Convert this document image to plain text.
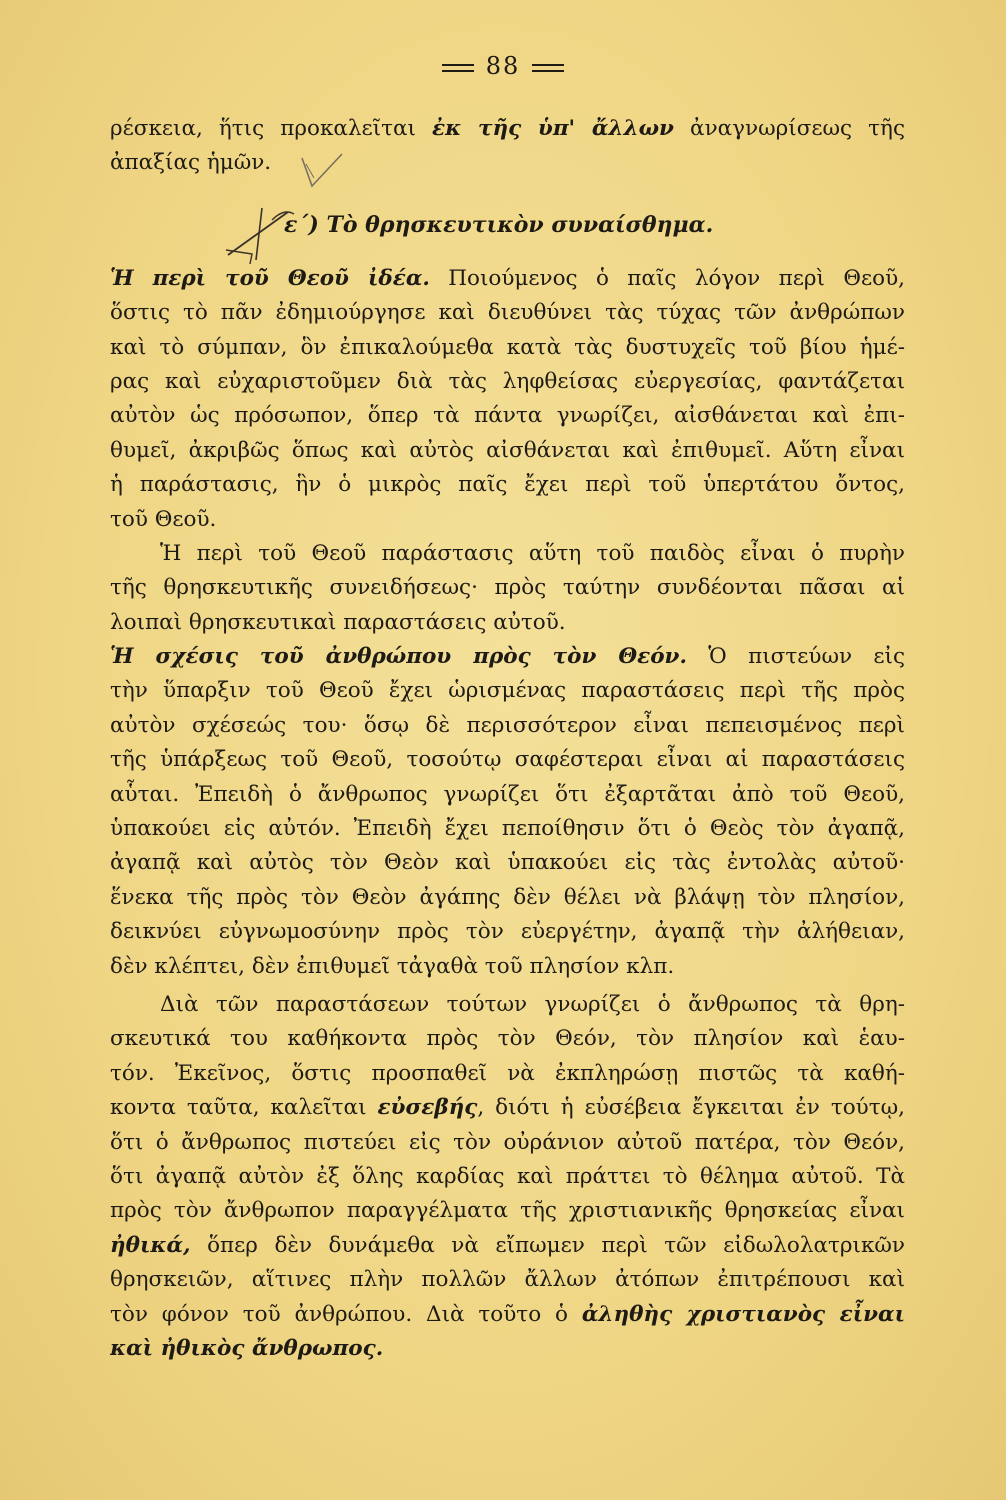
88
ε΄) Τὸ θρησκευτικὸν συναίσθημα.
ρέσκεια, ἥτις προκαλεῖται ἐκ τῆς ὑπ' ἄλλων ἀναγνωρίσεως τῆς
ἀπαξίας ἡμῶν.
Ἡ περὶ τοῦ Θεοῦ ἰδέα. Ποιούμενος ὁ παῖς λόγον περὶ Θεοῦ,
ὅστις τὸ πᾶν ἐδημιούργησε καὶ διευθύνει τὰς τύχας τῶν ἀνθρώπων
καὶ τὸ σύμπαν, ὃν ἐπικαλούμεθα κατὰ τὰς δυστυχεῖς τοῦ βίου ἡμέ-
ρας καὶ εὐχαριστοῦμεν διὰ τὰς ληφθείσας εὐεργεσίας, φαντάζεται
αὐτὸν ὡς πρόσωπον, ὅπερ τὰ πάντα γνωρίζει, αἰσθάνεται καὶ ἐπι-
θυμεῖ, ἀκριβῶς ὅπως καὶ αὐτὸς αἰσθάνεται καὶ ἐπιθυμεῖ. Αὕτη εἶναι
ἡ παράστασις, ἣν ὁ μικρὸς παῖς ἔχει περὶ τοῦ ὑπερτάτου ὄντος,
τοῦ Θεοῦ.
Ἡ περὶ τοῦ Θεοῦ παράστασις αὕτη τοῦ παιδὸς εἶναι ὁ πυρὴν
τῆς θρησκευτικῆς συνειδήσεως· πρὸς ταύτην συνδέονται πᾶσαι αἱ
λοιπαὶ θρησκευτικαὶ παραστάσεις αὐτοῦ.
Ἡ σχέσις τοῦ ἀνθρώπου πρὸς τὸν Θεόν. Ὁ πιστεύων εἰς
τὴν ὕπαρξιν τοῦ Θεοῦ ἔχει ὡρισμένας παραστάσεις περὶ τῆς πρὸς
αὐτὸν σχέσεώς του· ὅσῳ δὲ περισσότερον εἶναι πεπεισμένος περὶ
τῆς ὑπάρξεως τοῦ Θεοῦ, τοσούτῳ σαφέστεραι εἶναι αἱ παραστάσεις
αὗται. Ἐπειδὴ ὁ ἄνθρωπος γνωρίζει ὅτι ἐξαρτᾶται ἀπὸ τοῦ Θεοῦ,
ὑπακούει εἰς αὐτόν. Ἐπειδὴ ἔχει πεποίθησιν ὅτι ὁ Θεὸς τὸν ἀγαπᾷ,
ἀγαπᾷ καὶ αὐτὸς τὸν Θεὸν καὶ ὑπακούει εἰς τὰς ἐντολὰς αὐτοῦ·
ἕνεκα τῆς πρὸς τὸν Θεὸν ἀγάπης δὲν θέλει νὰ βλάψῃ τὸν πλησίον,
δεικνύει εὐγνωμοσύνην πρὸς τὸν εὐεργέτην, ἀγαπᾷ τὴν ἀλήθειαν,
δὲν κλέπτει, δὲν ἐπιθυμεῖ τἀγαθὰ τοῦ πλησίον κλπ.
Διὰ τῶν παραστάσεων τούτων γνωρίζει ὁ ἄνθρωπος τὰ θρη-
σκευτικά του καθήκοντα πρὸς τὸν Θεόν, τὸν πλησίον καὶ ἑαυ-
τόν. Ἐκεῖνος, ὅστις προσπαθεῖ νὰ ἐκπληρώσῃ πιστῶς τὰ καθή-
κοντα ταῦτα, καλεῖται εὐσεβής, διότι ἡ εὐσέβεια ἔγκειται ἐν τούτῳ,
ὅτι ὁ ἄνθρωπος πιστεύει εἰς τὸν οὐράνιον αὐτοῦ πατέρα, τὸν Θεόν,
ὅτι ἀγαπᾷ αὐτὸν ἐξ ὅλης καρδίας καὶ πράττει τὸ θέλημα αὐτοῦ. Τὰ
πρὸς τὸν ἄνθρωπον παραγγέλματα τῆς χριστιανικῆς θρησκείας εἶναι
ἠθικά, ὅπερ δὲν δυνάμεθα νὰ εἴπωμεν περὶ τῶν εἰδωλολατρικῶν
θρησκειῶν, αἵτινες πλὴν πολλῶν ἄλλων ἀτόπων ἐπιτρέπουσι καὶ
τὸν φόνον τοῦ ἀνθρώπου. Διὰ τοῦτο ὁ ἀληθὴς χριστιανὸς εἶναι
καὶ ἠθικὸς ἄνθρωπος.
